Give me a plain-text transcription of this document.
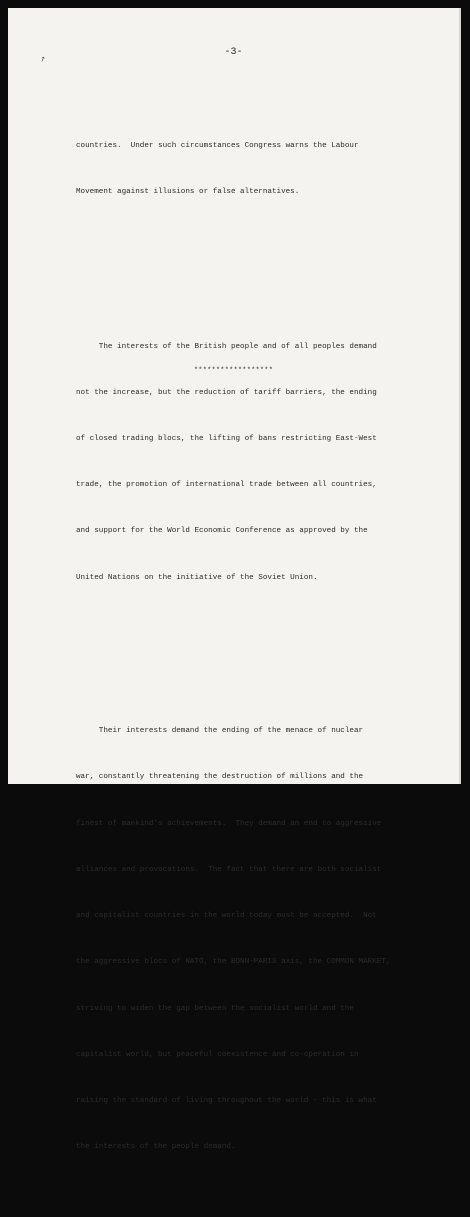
↗
-3-

countries.  Under such circumstances Congress warns the Labour

Movement against illusions or false alternatives.

The interests of the British people and of all peoples demand

not the increase, but the reduction of tariff barriers, the ending

of closed trading blocs, the lifting of bans restricting East-West

trade, the promotion of international trade between all countries,

and support for the World Economic Conference as approved by the

United Nations on the initiative of the Soviet Union.

Their interests demand the ending of the menace of nuclear

war, constantly threatening the destruction of millions and the

finest of mankind's achievements.  They demand an end to aggressive

alliances and provocations.  The fact that there are both socialist

and capitalist countries in the world today must be accepted.  Not

the aggressive blocs of NATO, the BONN-PARIS axis, the COMMON MARKET,

striving to widen the gap between the socialist world and the

capitalist world, but peaceful coexistence and co-operation in

raising the standard of living throughout the world - this is what

the interests of the people demand.

******************
